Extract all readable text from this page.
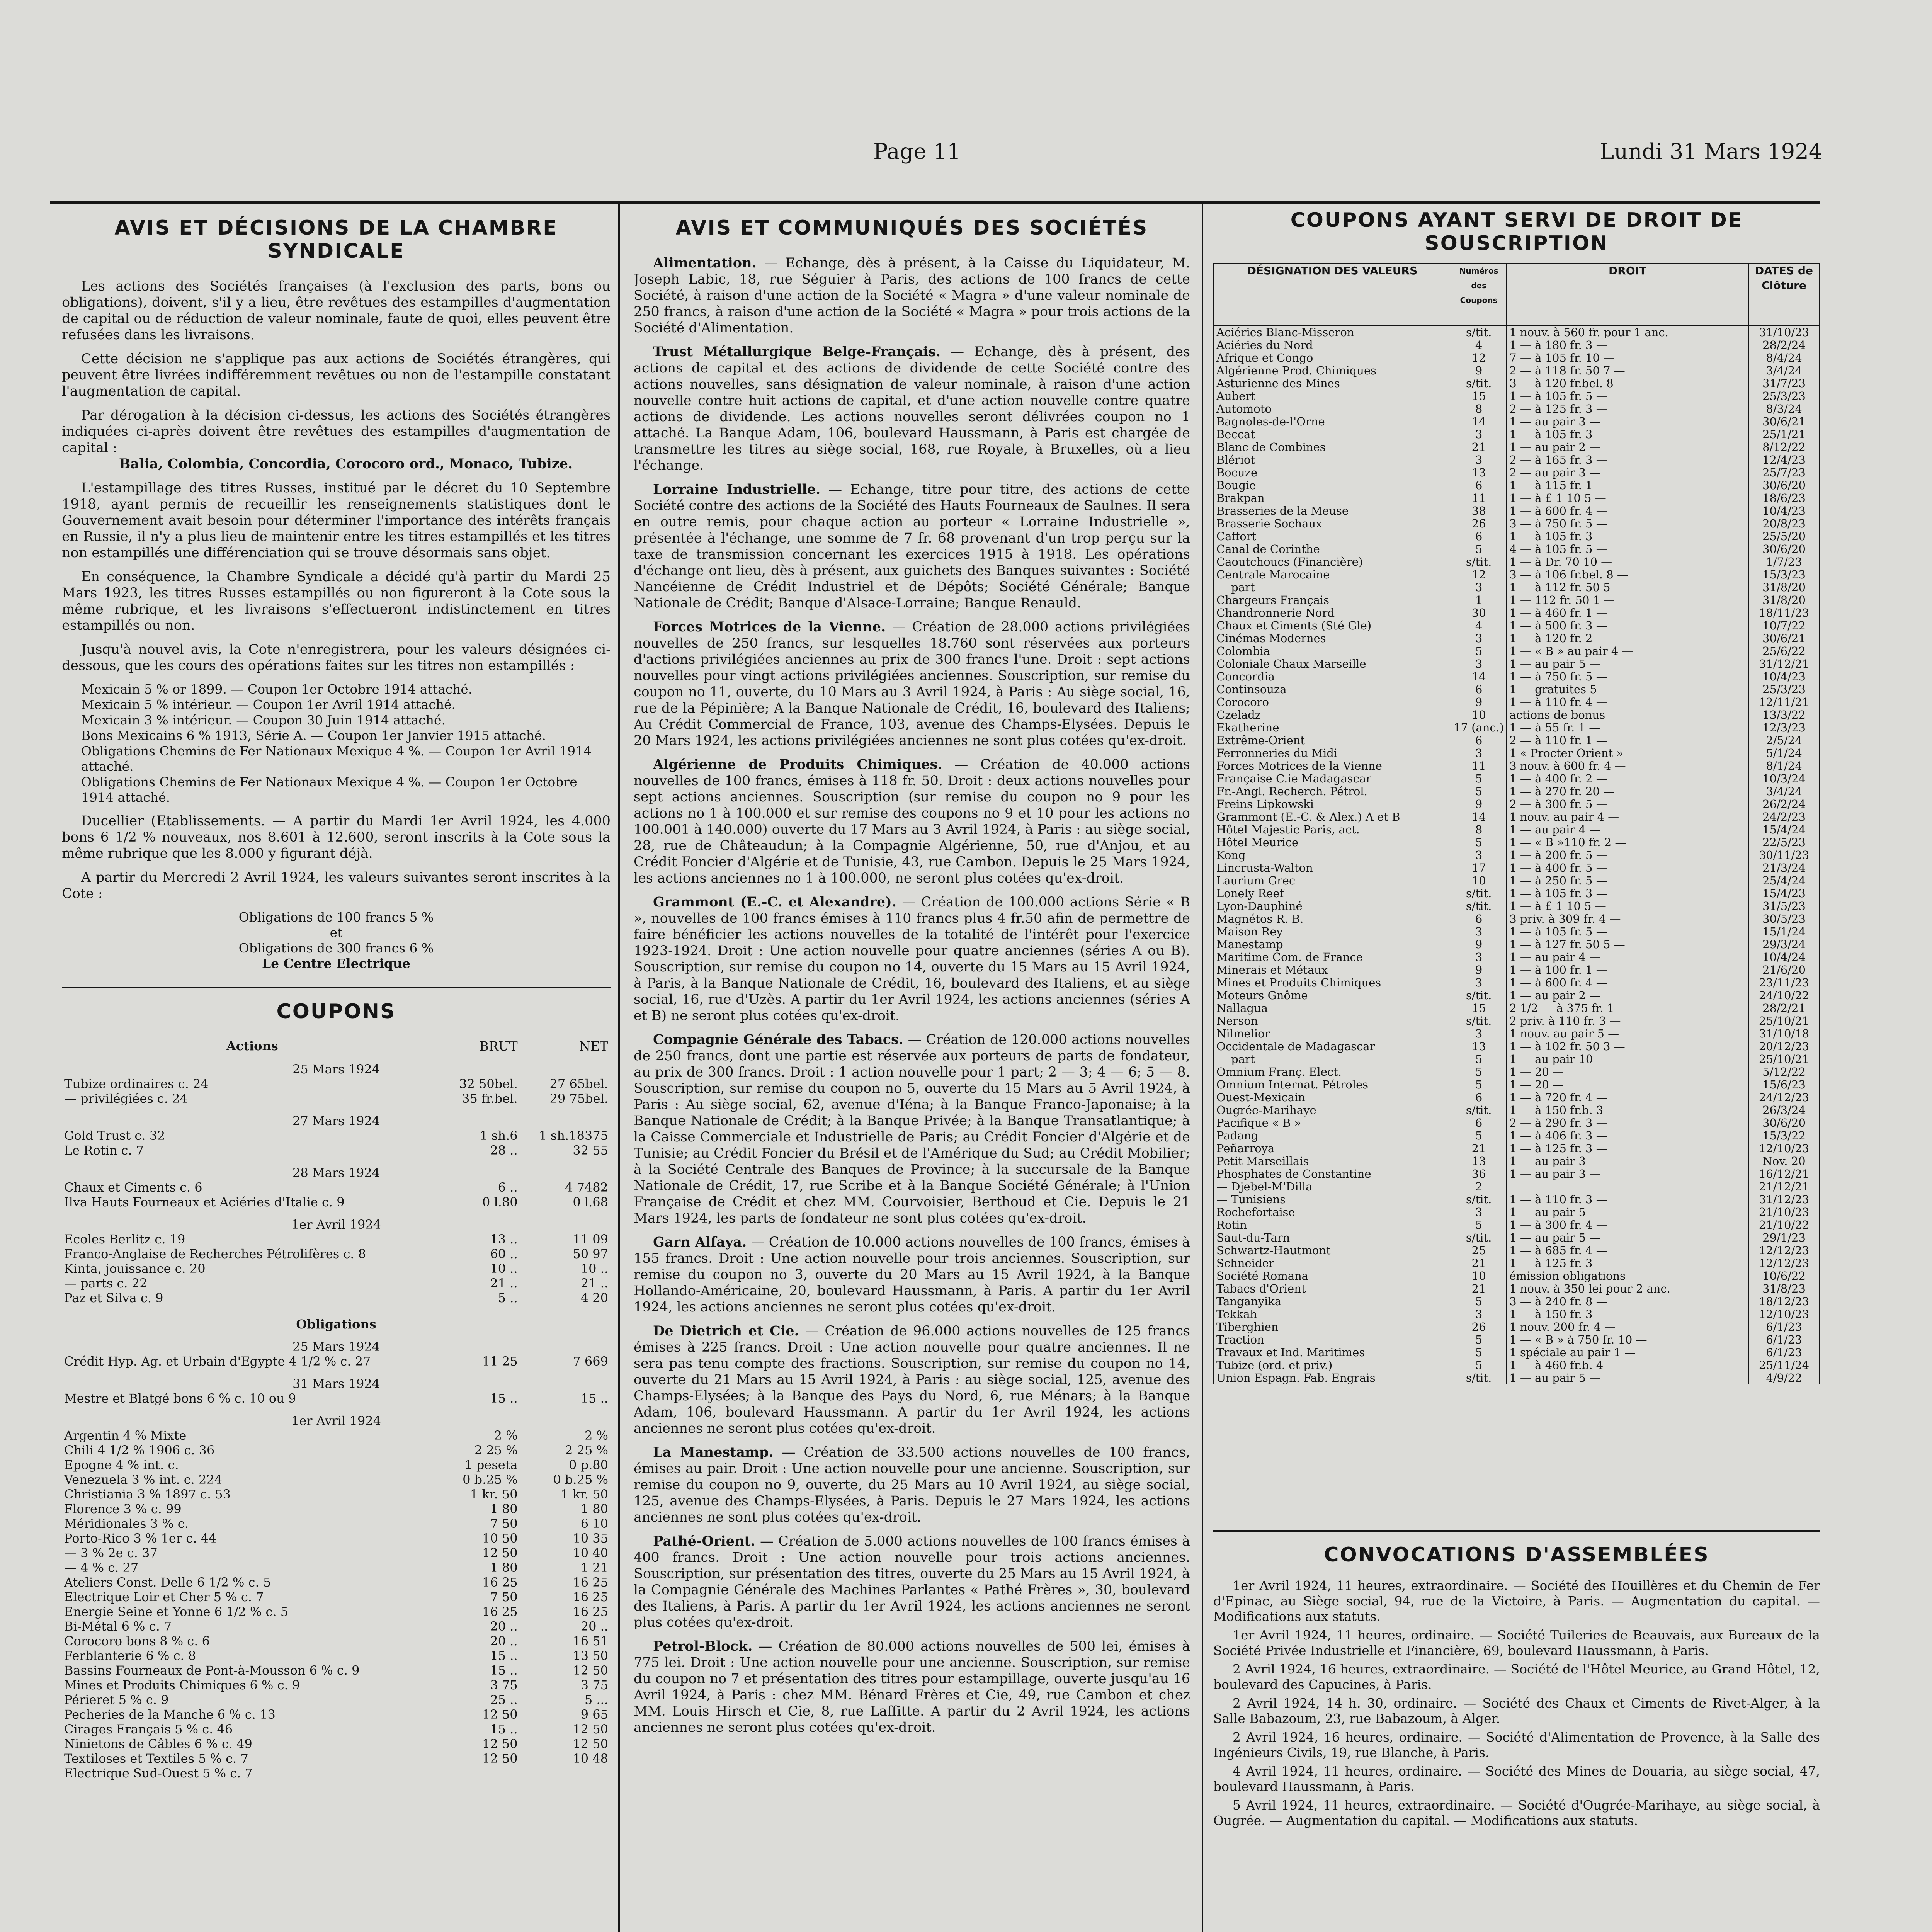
Page 11	Lundi 31 Mars 1924
AVIS ET DÉCISIONS DE LA CHAMBRE SYNDICALE
Les actions des Sociétés françaises (à l'exclusion des parts, bons ou obligations), doivent, s'il y a lieu, être revêtues des estampilles d'augmentation de capital ou de réduction de valeur nominale, faute de quoi, elles peuvent être refusées dans les livraisons.
Cette décision ne s'applique pas aux actions de Sociétés étrangères, qui peuvent être livrées indifféremment revêtues ou non de l'estampille constatant l'augmentation de capital.
Par dérogation à la décision ci-dessus, les actions des Sociétés étrangères indiquées ci-après doivent être revêtues des estampilles d'augmentation de capital :
Balia, Colombia, Concordia, Corocoro ord., Monaco, Tubize.
L'estampillage des titres Russes, institué par le décret du 10 Septembre 1918, ayant permis de recueillir les renseignements statistiques dont le Gouvernement avait besoin pour déterminer l'importance des intérêts français en Russie, il n'y a plus lieu de maintenir entre les titres estampillés et les titres non estampillés une différenciation qui se trouve désormais sans objet.
En conséquence, la Chambre Syndicale a décidé qu'à partir du Mardi 25 Mars 1923, les titres Russes estampillés ou non figureront à la Cote sous la même rubrique, et les livraisons s'effectueront indistinctement en titres estampillés ou non.
Jusqu'à nouvel avis, la Cote n'enregistrera, pour les valeurs désignées ci-dessous, que les cours des opérations faites sur les titres non estampillés :
Mexicain 5 % or 1899. — Coupon 1er Octobre 1914 attaché.
Mexicain 5 % intérieur. — Coupon 1er Avril 1914 attaché.
Mexicain 3 % intérieur. — Coupon 30 Juin 1914 attaché.
Bons Mexicains 6 % 1913, Série A. — Coupon 1er Janvier 1915 attaché.
Obligations Chemins de Fer Nationaux Mexique 4 %. — Coupon 1er Avril 1914 attaché.
Obligations Chemins de Fer Nationaux Mexique 4 %. — Coupon 1er Octobre 1914 attaché.
Ducellier (Etablissements. — A partir du Mardi 1er Avril 1924, les 4.000 bons 6 1/2 % nouveaux, nos 8.601 à 12.600, seront inscrits à la Cote sous la même rubrique que les 8.000 y figurant déjà.
A partir du Mercredi 2 Avril 1924, les valeurs suivantes seront inscrites à la Cote :
Obligations de 100 francs 5 %
et
Obligations de 300 francs 6 %
Le Centre Electrique
COUPONS
Actions	BRUT	NET
25 Mars 1924		
Tubize ordinaires c. 24	32 50bel.	27 65bel.
— privilégiées c. 24	35 fr.bel.	29 75bel.
27 Mars 1924		
Gold Trust c. 32	1 sh.6	1 sh.18375
Le Rotin c. 7	28 ..	32 55
28 Mars 1924		
Chaux et Ciments c. 6	6 ..	4 7482
Ilva Hauts Fourneaux et Aciéries d'Italie c. 9	0 l.80	0 l.68
1er Avril 1924		
Ecoles Berlitz c. 19	13 ..	11 09
Franco-Anglaise de Recherches Pétrolifères c. 8	60 ..	50 97
Kinta, jouissance c. 20	10 ..	10 ..
— parts c. 22	21 ..	21 ..
Paz et Silva c. 9	5 ..	4 20
Obligations		
25 Mars 1924		
Crédit Hyp. Ag. et Urbain d'Egypte 4 1/2 % c. 27	11 25	7 669
31 Mars 1924		
Mestre et Blatgé bons 6 % c. 10 ou 9	15 ..	15 ..
1er Avril 1924		
Argentin 4 % Mixte	2 %	2 %
Chili 4 1/2 % 1906 c. 36	2 25 %	2 25 %
Epogne 4 % int. c.	1 peseta	0 p.80
Venezuela 3 % int. c. 224	0 b.25 %	0 b.25 %
Christiania 3 % 1897 c. 53	1 kr. 50	1 kr. 50
Florence 3 % c. 99	1 80	1 80
Méridionales 3 % c.	7 50	6 10
Porto-Rico 3 % 1er c. 44	10 50	10 35
— 3 % 2e c. 37	12 50	10 40
— 4 % c. 27	1 80	1 21
Ateliers Const. Delle 6 1/2 % c. 5	16 25	16 25
Electrique Loir et Cher 5 % c. 7	7 50	16 25
Energie Seine et Yonne 6 1/2 % c. 5	16 25	16 25
Bi-Métal 6 % c. 7	20 ..	20 ..
Corocoro bons 8 % c. 6	20 ..	16 51
Ferblanterie 6 % c. 8	15 ..	13 50
Bassins Fourneaux de Pont-à-Mousson 6 % c. 9	15 ..	12 50
Mines et Produits Chimiques 6 % c. 9	3 75	3 75
Périeret 5 % c. 9	25 ..	5 ...
Pecheries de la Manche 6 % c. 13	12 50	9 65
Cirages Français 5 % c. 46	15 ..	12 50
Ninietons de Câbles 6 % c. 49	12 50	12 50
Textiloses et Textiles 5 % c. 7	12 50	10 48
Electrique Sud-Ouest 5 % c. 7		
AVIS ET COMMUNIQUÉS DES SOCIÉTÉS
Alimentation. — Echange, dès à présent, à la Caisse du Liquidateur, M. Joseph Labic, 18, rue Séguier à Paris, des actions de 100 francs de cette Société, à raison d'une action de la Société « Magra » d'une valeur nominale de 250 francs, à raison d'une action de la Société « Magra » pour trois actions de la Société d'Alimentation.
Trust Métallurgique Belge-Français. — Echange, dès à présent, des actions de capital et des actions de dividende de cette Société contre des actions nouvelles, sans désignation de valeur nominale, à raison d'une action nouvelle contre huit actions de capital, et d'une action nouvelle contre quatre actions de dividende. Les actions nouvelles seront délivrées coupon no 1 attaché. La Banque Adam, 106, boulevard Haussmann, à Paris est chargée de transmettre les titres au siège social, 168, rue Royale, à Bruxelles, où a lieu l'échange.
Lorraine Industrielle. — Echange, titre pour titre, des actions de cette Société contre des actions de la Société des Hauts Fourneaux de Saulnes. Il sera en outre remis, pour chaque action au porteur « Lorraine Industrielle », présentée à l'échange, une somme de 7 fr. 68 provenant d'un trop perçu sur la taxe de transmission concernant les exercices 1915 à 1918. Les opérations d'échange ont lieu, dès à présent, aux guichets des Banques suivantes : Société Nancéienne de Crédit Industriel et de Dépôts; Société Générale; Banque Nationale de Crédit; Banque d'Alsace-Lorraine; Banque Renauld.
Forces Motrices de la Vienne. — Création de 28.000 actions privilégiées nouvelles de 250 francs, sur lesquelles 18.760 sont réservées aux porteurs d'actions privilégiées anciennes au prix de 300 francs l'une. Droit : sept actions nouvelles pour vingt actions privilégiées anciennes. Souscription, sur remise du coupon no 11, ouverte, du 10 Mars au 3 Avril 1924, à Paris : Au siège social, 16, rue de la Pépinière; A la Banque Nationale de Crédit, 16, boulevard des Italiens; Au Crédit Commercial de France, 103, avenue des Champs-Elysées. Depuis le 20 Mars 1924, les actions privilégiées anciennes ne sont plus cotées qu'ex-droit.
Algérienne de Produits Chimiques. — Création de 40.000 actions nouvelles de 100 francs, émises à 118 fr. 50. Droit : deux actions nouvelles pour sept actions anciennes. Souscription (sur remise du coupon no 9 pour les actions no 1 à 100.000 et sur remise des coupons no 9 et 10 pour les actions no 100.001 à 140.000) ouverte du 17 Mars au 3 Avril 1924, à Paris : au siège social, 28, rue de Châteaudun; à la Compagnie Algérienne, 50, rue d'Anjou, et au Crédit Foncier d'Algérie et de Tunisie, 43, rue Cambon. Depuis le 25 Mars 1924, les actions anciennes no 1 à 100.000, ne seront plus cotées qu'ex-droit.
Grammont (E.-C. et Alexandre). — Création de 100.000 actions Série « B », nouvelles de 100 francs émises à 110 francs plus 4 fr.50 afin de permettre de faire bénéficier les actions nouvelles de la totalité de l'intérêt pour l'exercice 1923-1924. Droit : Une action nouvelle pour quatre anciennes (séries A ou B). Souscription, sur remise du coupon no 14, ouverte du 15 Mars au 15 Avril 1924, à Paris, à la Banque Nationale de Crédit, 16, boulevard des Italiens, et au siège social, 16, rue d'Uzès. A partir du 1er Avril 1924, les actions anciennes (séries A et B) ne seront plus cotées qu'ex-droit.
Compagnie Générale des Tabacs. — Création de 120.000 actions nouvelles de 250 francs, dont une partie est réservée aux porteurs de parts de fondateur, au prix de 300 francs. Droit : 1 action nouvelle pour 1 part; 2 — 3; 4 — 6; 5 — 8. Souscription, sur remise du coupon no 5, ouverte du 15 Mars au 5 Avril 1924, à Paris : Au siège social, 62, avenue d'Iéna; à la Banque Franco-Japonaise; à la Banque Nationale de Crédit; à la Banque Privée; à la Banque Transatlantique; à la Caisse Commerciale et Industrielle de Paris; au Crédit Foncier d'Algérie et de Tunisie; au Crédit Foncier du Brésil et de l'Amérique du Sud; au Crédit Mobilier; à la Société Centrale des Banques de Province; à la succursale de la Banque Nationale de Crédit, 17, rue Scribe et à la Banque Société Générale; à l'Union Française de Crédit et chez MM. Courvoisier, Berthoud et Cie. Depuis le 21 Mars 1924, les parts de fondateur ne sont plus cotées qu'ex-droit.
Garn Alfaya. — Création de 10.000 actions nouvelles de 100 francs, émises à 155 francs. Droit : Une action nouvelle pour trois anciennes. Souscription, sur remise du coupon no 3, ouverte du 20 Mars au 15 Avril 1924, à la Banque Hollando-Américaine, 20, boulevard Haussmann, à Paris. A partir du 1er Avril 1924, les actions anciennes ne seront plus cotées qu'ex-droit.
De Dietrich et Cie. — Création de 96.000 actions nouvelles de 125 francs émises à 225 francs. Droit : Une action nouvelle pour quatre anciennes. Il ne sera pas tenu compte des fractions. Souscription, sur remise du coupon no 14, ouverte du 21 Mars au 15 Avril 1924, à Paris : au siège social, 125, avenue des Champs-Elysées; à la Banque des Pays du Nord, 6, rue Ménars; à la Banque Adam, 106, boulevard Haussmann. A partir du 1er Avril 1924, les actions anciennes ne seront plus cotées qu'ex-droit.
La Manestamp. — Création de 33.500 actions nouvelles de 100 francs, émises au pair. Droit : Une action nouvelle pour une ancienne. Souscription, sur remise du coupon no 9, ouverte, du 25 Mars au 10 Avril 1924, au siège social, 125, avenue des Champs-Elysées, à Paris. Depuis le 27 Mars 1924, les actions anciennes ne sont plus cotées qu'ex-droit.
Pathé-Orient. — Création de 5.000 actions nouvelles de 100 francs émises à 400 francs. Droit : Une action nouvelle pour trois actions anciennes. Souscription, sur présentation des titres, ouverte du 25 Mars au 15 Avril 1924, à la Compagnie Générale des Machines Parlantes « Pathé Frères », 30, boulevard des Italiens, à Paris. A partir du 1er Avril 1924, les actions anciennes ne seront plus cotées qu'ex-droit.
Petrol-Block. — Création de 80.000 actions nouvelles de 500 lei, émises à 775 lei. Droit : Une action nouvelle pour une ancienne. Souscription, sur remise du coupon no 7 et présentation des titres pour estampillage, ouverte jusqu'au 16 Avril 1924, à Paris : chez MM. Bénard Frères et Cie, 49, rue Cambon et chez MM. Louis Hirsch et Cie, 8, rue Laffitte. A partir du 2 Avril 1924, les actions anciennes ne seront plus cotées qu'ex-droit.
COUPONS AYANT SERVI DE DROIT DE SOUSCRIPTION
DÉSIGNATION DES VALEURS	Numéros des Coupons	DROIT	DATES de Clôture
Aciéries Blanc-Misseron	s/tit.	1 nouv. à 560 fr. pour 1 anc.	31/10/23
Aciéries du Nord	4	1 — à 180 fr. 3 —	28/2/24
Afrique et Congo	12	7 — à 105 fr. 10 —	8/4/24
Algérienne Prod. Chimiques	9	2 — à 118 fr. 50 7 —	3/4/24
Asturienne des Mines	s/tit.	3 — à 120 fr.bel. 8 —	31/7/23
Aubert	15	1 — à 105 fr. 5 —	25/3/23
Automoto	8	2 — à 125 fr. 3 —	8/3/24
Bagnoles-de-l'Orne	14	1 — au pair 3 —	30/6/21
Beccat	3	1 — à 105 fr. 3 —	25/1/21
Blanc de Combines	21	1 — au pair 2 —	8/12/22
Blériot	3	2 — à 165 fr. 3 —	12/4/23
Bocuze	13	2 — au pair 3 —	25/7/23
Bougie	6	1 — à 115 fr. 1 —	30/6/20
Brakpan	11	1 — à £ 1 10 5 —	18/6/23
Brasseries de la Meuse	38	1 — à 600 fr. 4 —	10/4/23
Brasserie Sochaux	26	3 — à 750 fr. 5 —	20/8/23
Caffort	6	1 — à 105 fr. 3 —	25/5/20
Canal de Corinthe	5	4 — à 105 fr. 5 —	30/6/20
Caoutchoucs (Financière)	s/tit.	1 — à Dr. 70 10 —	1/7/23
Centrale Marocaine	12	3 — à 106 fr.bel. 8 —	15/3/23
— part	3	1 — à 112 fr. 50 5 —	31/8/20
Chargeurs Français	1	1 — 112 fr. 50 1 —	31/8/20
Chandronnerie Nord	30	1 — à 460 fr. 1 —	18/11/23
Chaux et Ciments (Sté Gle)	4	1 — à 500 fr. 3 —	10/7/22
Cinémas Modernes	3	1 — à 120 fr. 2 —	30/6/21
Colombia	5	1 — « B » au pair 4 —	25/6/22
Coloniale Chaux Marseille	3	1 — au pair 5 —	31/12/21
Concordia	14	1 — à 750 fr. 5 —	10/4/23
Continsouza	6	1 — gratuites 5 —	25/3/23
Corocoro	9	1 — à 110 fr. 4 —	12/11/21
Czeladz	10	actions de bonus	13/3/22
Ekatherine	17 (anc.)	1 — à 55 fr. 1 —	12/3/23
Extrême-Orient	6	2 — à 110 fr. 1 —	2/5/24
Ferronneries du Midi	3	1 « Procter Orient »	5/1/24
Forces Motrices de la Vienne	11	3 nouv. à 600 fr. 4 —	8/1/24
Française C.ie Madagascar	5	1 — à 400 fr. 2 —	10/3/24
Fr.-Angl. Recherch. Pétrol.	5	1 — à 270 fr. 20 —	3/4/24
Freins Lipkowski	9	2 — à 300 fr. 5 —	26/2/24
Grammont (E.-C. & Alex.) A et B	14	1 nouv. au pair 4 —	24/2/23
Hôtel Majestic Paris, act.	8	1 — au pair 4 —	15/4/24
Hôtel Meurice	5	1 — « B »110 fr. 2 —	22/5/23
Kong	3	1 — à 200 fr. 5 —	30/11/23
Lincrusta-Walton	17	1 — à 400 fr. 5 —	21/3/24
Laurium Grec	10	1 — à 250 fr. 5 —	25/4/24
Lonely Reef	s/tit.	1 — à 105 fr. 3 —	15/4/23
Lyon-Dauphiné	s/tit.	1 — à £ 1 10 5 —	31/5/23
Magnétos R. B.	6	3 priv. à 309 fr. 4 —	30/5/23
Maison Rey	3	1 — à 105 fr. 5 —	15/1/24
Manestamp	9	1 — à 127 fr. 50 5 —	29/3/24
Maritime Com. de France	3	1 — au pair 4 —	10/4/24
Minerais et Métaux	9	1 — à 100 fr. 1 —	21/6/20
Mines et Produits Chimiques	3	1 — à 600 fr. 4 —	23/11/23
Moteurs Gnôme	s/tit.	1 — au pair 2 —	24/10/22
Nallagua	15	2 1/2 — à 375 fr. 1 —	28/2/21
Nerson	s/tit.	2 priv. à 110 fr. 3 —	25/10/21
Nilmelior	3	1 nouv. au pair 5 —	31/10/18
Occidentale de Madagascar	13	1 — à 102 fr. 50 3 —	20/12/23
— part	5	1 — au pair 10 —	25/10/21
Omnium Franç. Elect.	5	1 — 20 —	5/12/22
Omnium Internat. Pétroles	5	1 — 20 —	15/6/23
Ouest-Mexicain	6	1 — à 720 fr. 4 —	24/12/23
Ougrée-Marihaye	s/tit.	1 — à 150 fr.b. 3 —	26/3/24
Pacifique « B »	6	2 — à 290 fr. 3 —	30/6/20
Padang	5	1 — à 406 fr. 3 —	15/3/22
Peñarroya	21	1 — à 125 fr. 3 —	12/10/23
Petit Marseillais	13	1 — au pair 3 —	Nov. 20
Phosphates de Constantine	36	1 — au pair 3 —	16/12/21
— Djebel-M'Dilla	2		21/12/21
— Tunisiens	s/tit.	1 — à 110 fr. 3 —	31/12/23
Rochefortaise	3	1 — au pair 5 —	21/10/23
Rotin	5	1 — à 300 fr. 4 —	21/10/22
Saut-du-Tarn	s/tit.	1 — au pair 5 —	29/1/23
Schwartz-Hautmont	25	1 — à 685 fr. 4 —	12/12/23
Schneider	21	1 — à 125 fr. 3 —	12/12/23
Société Romana	10	émission obligations	10/6/22
Tabacs d'Orient	21	1 nouv. à 350 lei pour 2 anc.	31/8/23
Tanganyika	5	3 — à 240 fr. 8 —	18/12/23
Tekkah	3	1 — à 150 fr. 3 —	12/10/23
Tiberghien	26	1 nouv. 200 fr. 4 —	6/1/23
Traction	5	1 — « B » à 750 fr. 10 —	6/1/23
Travaux et Ind. Maritimes	5	1 spéciale au pair 1 —	6/1/23
Tubize (ord. et priv.)	5	1 — à 460 fr.b. 4 —	25/11/24
Union Espagn. Fab. Engrais	s/tit.	1 — au pair 5 —	4/9/22
CONVOCATIONS D'ASSEMBLÉES
1er Avril 1924, 11 heures, extraordinaire. — Société des Houillères et du Chemin de Fer d'Epinac, au Siège social, 94, rue de la Victoire, à Paris. — Augmentation du capital. — Modifications aux statuts.
1er Avril 1924, 11 heures, ordinaire. — Société Tuileries de Beauvais, aux Bureaux de la Société Privée Industrielle et Financière, 69, boulevard Haussmann, à Paris.
2 Avril 1924, 16 heures, extraordinaire. — Société de l'Hôtel Meurice, au Grand Hôtel, 12, boulevard des Capucines, à Paris.
2 Avril 1924, 14 h. 30, ordinaire. — Société des Chaux et Ciments de Rivet-Alger, à la Salle Babazoum, 23, rue Babazoum, à Alger.
2 Avril 1924, 16 heures, ordinaire. — Société d'Alimentation de Provence, à la Salle des Ingénieurs Civils, 19, rue Blanche, à Paris.
4 Avril 1924, 11 heures, ordinaire. — Société des Mines de Douaria, au siège social, 47, boulevard Haussmann, à Paris.
5 Avril 1924, 11 heures, extraordinaire. — Société d'Ougrée-Marihaye, au siège social, à Ougrée. — Augmentation du capital. — Modifications aux statuts.
